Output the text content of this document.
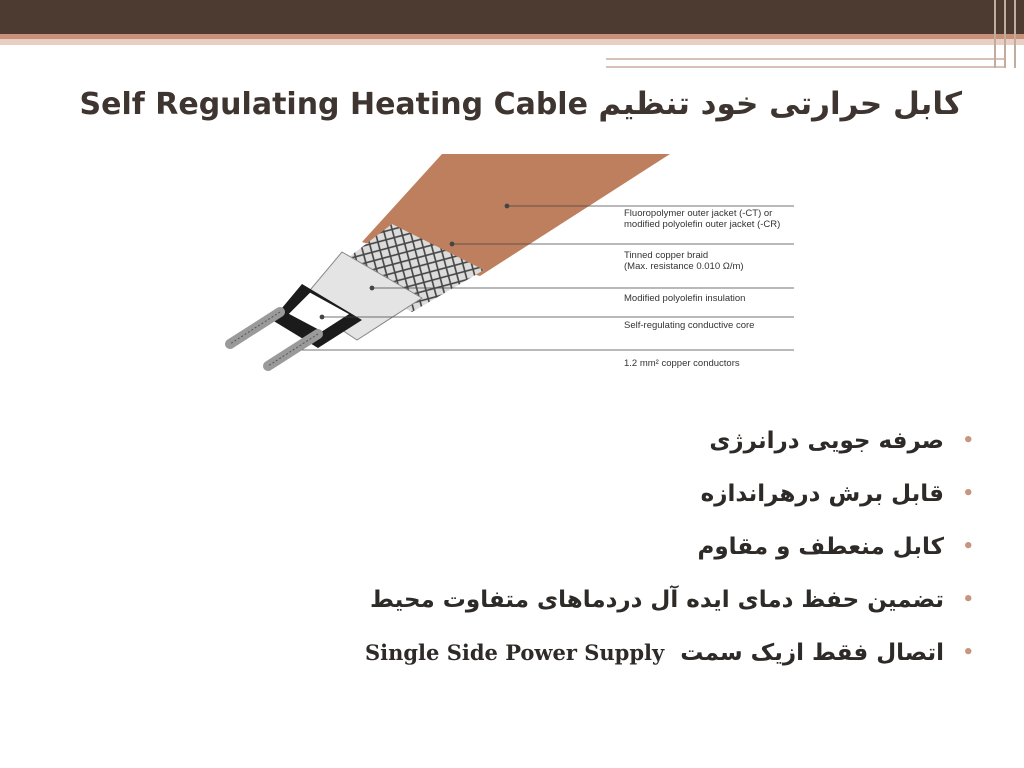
Self Regulating Heating Cable کابل حرارتی خود تنظیم
Fluoropolymer outer jacket (-CT) or modified polyolefin outer jacket (-CR)
Tinned copper braid (Max. resistance 0.010 Ω/m)
Modified polyolefin insulation
Self-regulating conductive core
1.2 mm² copper conductors
•
صرفه جویی درانرژی
•
قابل برش درهراندازه
•
کابل منعطف و مقاوم
•
تضمین حفظ دمای ایده آل دردماهای متفاوت محیط
•
اتصال فقط ازیک سمت  Single Side Power Supply
